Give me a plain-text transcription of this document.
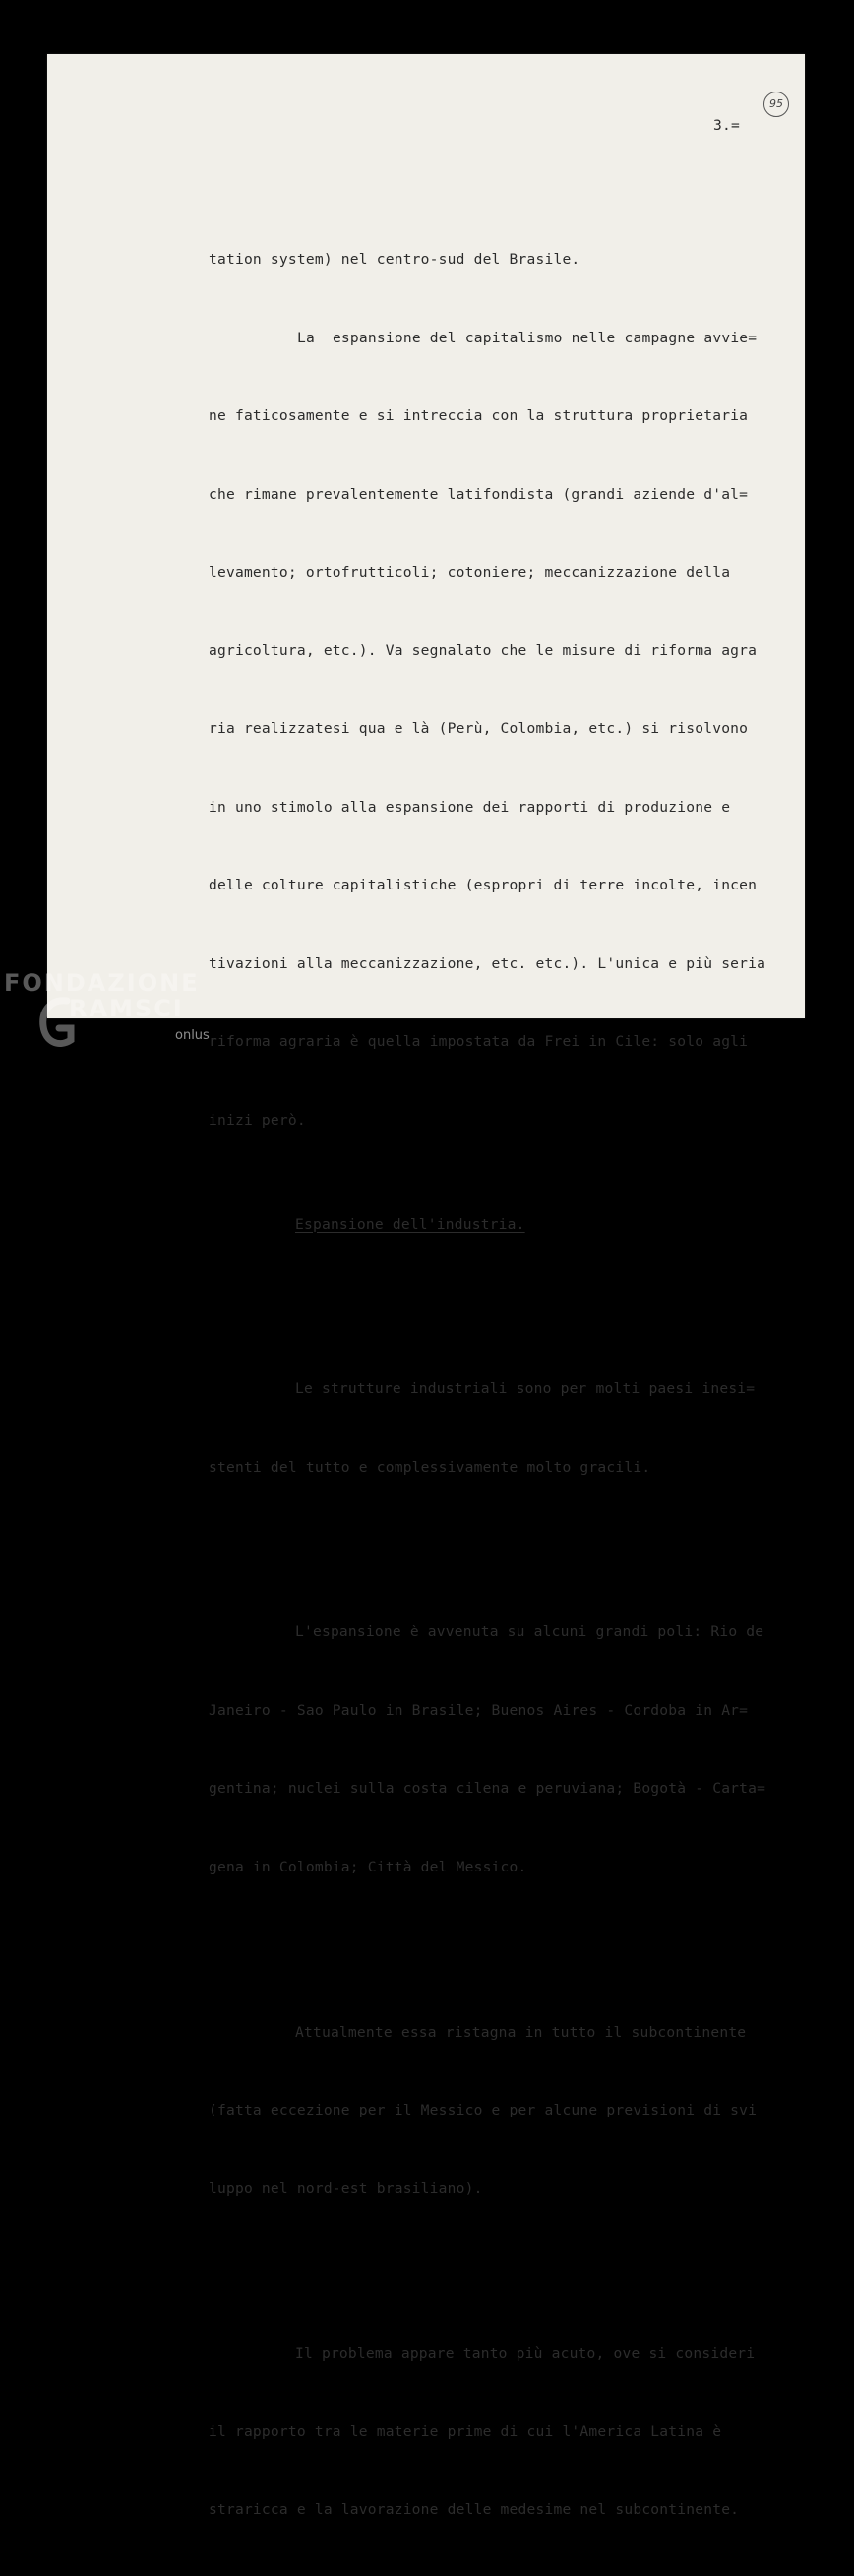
95
3.=

tation system) nel centro-sud del Brasile.

La  espansione del capitalismo nelle campagne avvie=

ne faticosamente e si intreccia con la struttura proprietaria

che rimane prevalentemente latifondista (grandi aziende d'al=

levamento; ortofrutticoli; cotoniere; meccanizzazione della

agricoltura, etc.). Va segnalato che le misure di riforma agra

ria realizzatesi qua e là (Perù, Colombia, etc.) si risolvono

in uno stimolo alla espansione dei rapporti di produzione e

delle colture capitalistiche (espropri di terre incolte, incen

tivazioni alla meccanizzazione, etc. etc.). L'unica e più seria

riforma agraria è quella impostata da Frei in Cile: solo agli

inizi però.

Espansione dell'industria.

Le strutture industriali sono per molti paesi inesi=

stenti del tutto e complessivamente molto gracili.

L'espansione è avvenuta su alcuni grandi poli: Rio de

Janeiro - Sao Paulo in Brasile; Buenos Aires - Cordoba in Ar=

gentina; nuclei sulla costa cilena e peruviana; Bogotà - Carta=

gena in Colombia; Città del Messico.

Attualmente essa ristagna in tutto il subcontinente

(fatta eccezione per il Messico e per alcune previsioni di svi

luppo nel nord-est brasiliano).

Il problema appare tanto più acuto, ove si consideri

il rapporto tra le materie prime di cui l'America Latina è

straricca e la lavorazione delle medesime nel subcontinente.

FONDAZIONE
RAMSCI
onlus
